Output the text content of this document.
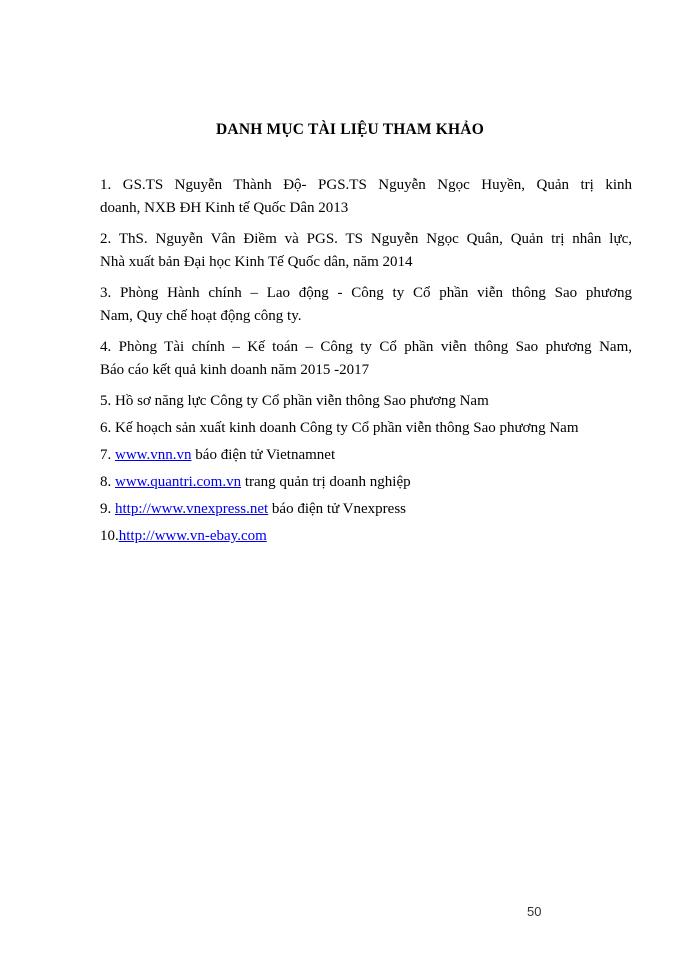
DANH MỤC TÀI LIỆU THAM KHẢO
1. GS.TS Nguyễn Thành Độ- PGS.TS Nguyễn Ngọc Huyền, Quản trị kinh
doanh, NXB ĐH Kinh tế Quốc Dân 2013
2. ThS. Nguyễn Vân Điềm và PGS. TS Nguyễn Ngọc Quân, Quản trị nhân lực,
Nhà xuất bản Đại học Kinh Tế Quốc dân, năm 2014
3. Phòng Hành chính – Lao động - Công ty Cổ phần viễn thông Sao phương
Nam, Quy chế hoạt động công ty.
4. Phòng Tài chính – Kế toán – Công ty Cổ phần viễn thông Sao phương Nam,
Báo cáo kết quả kinh doanh năm 2015 -2017
5. Hồ sơ năng lực Công ty Cổ phần viễn thông Sao phương Nam
6. Kế hoạch sản xuất kinh doanh Công ty Cổ phần viễn thông Sao phương Nam
7. www.vnn.vn báo điện tử Vietnamnet
8. www.quantri.com.vn trang quản trị doanh nghiệp
9. http://www.vnexpress.net báo điện tử Vnexpress
10.http://www.vn-ebay.com
50
